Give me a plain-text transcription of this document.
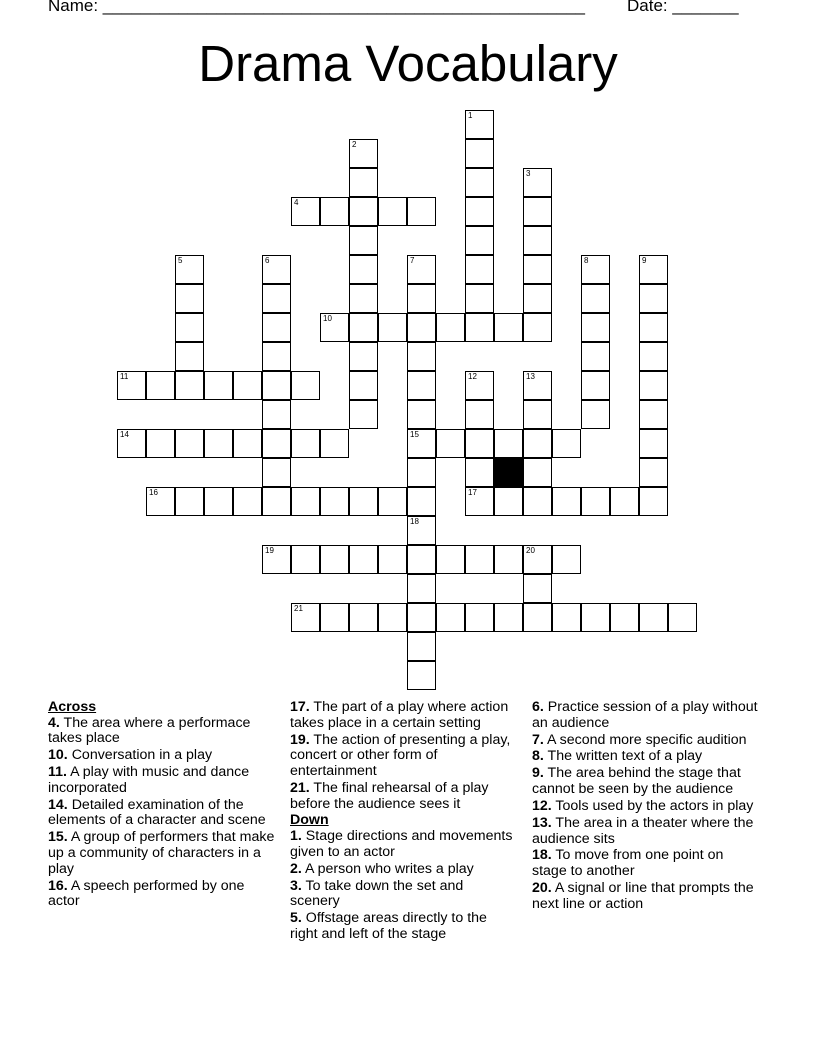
Name: ___________________________________________________ Date: _______
Drama Vocabulary
1
2
3
4
5	6	7
15
8	9
10
11	12
17
13
14
16
18
19	20
21

Across

4. The area where a performace takes place

10. Conversation in a play

11. A play with music and dance incorporated

14. Detailed examination of the elements of a character and scene

15. A group of performers that make up a community of characters in a play

16. A speech performed by one actor

17. The part of a play where action takes place in a certain setting

19. The action of presenting a play, concert or other form of entertainment

21. The final rehearsal of a play before the audience sees it

Down

1. Stage directions and movements given to an actor

2. A person who writes a play

3. To take down the set and scenery

5. Offstage areas directly to the right and left of the stage

6. Practice session of a play without an audience

7. A second more specific audition

8. The written text of a play

9. The area behind the stage that cannot be seen by the audience

12. Tools used by the actors in play

13. The area in a theater where the audience sits

18. To move from one point on stage to another

20. A signal or line that prompts the next line or action
